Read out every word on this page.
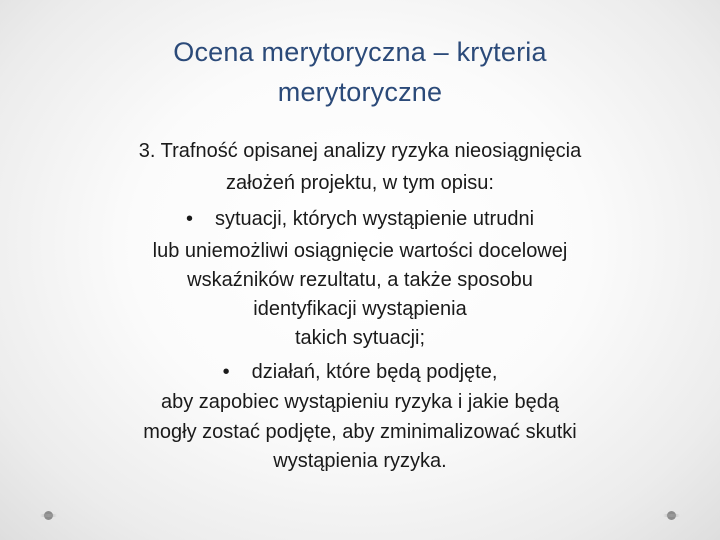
Ocena merytoryczna – kryteria
merytoryczne
3. Trafność opisanej analizy ryzyka nieosiągnięcia
założeń projektu, w tym opisu:
• sytuacji, których wystąpienie utrudni
lub uniemożliwi osiągnięcie wartości docelowej
wskaźników rezultatu, a także sposobu
identyfikacji wystąpienia
takich sytuacji;
• działań, które będą podjęte,
aby zapobiec wystąpieniu ryzyka i jakie będą
mogły zostać podjęte, aby zminimalizować skutki
wystąpienia ryzyka.
